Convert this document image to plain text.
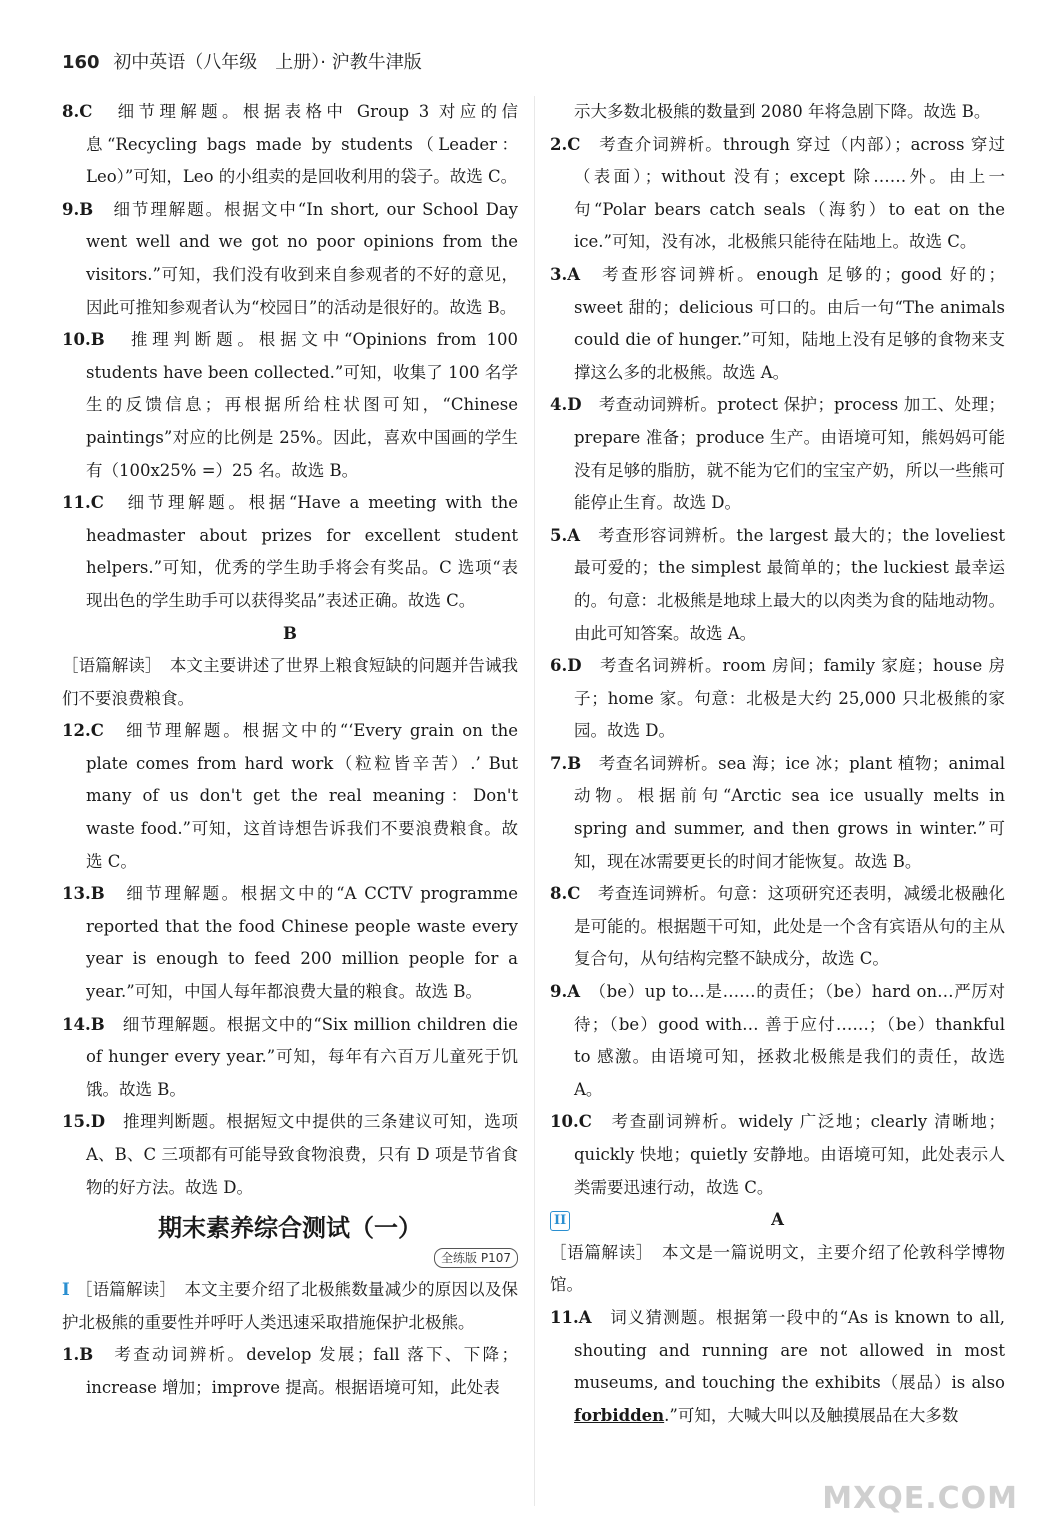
160 初中英语（八年级　上册）· 沪教牛津版

8.C　 细节理解题。根据表格中 Group 3 对应的信息“Recycling bags made by students（Leader：Leo）”可知，Leo 的小组卖的是回收利用的袋子。故选 C。

9.B　 细节理解题。根据文中“In short, our School Day went well and we got no poor opinions from the visitors.”可知，我们没有收到来自参观者的不好的意见，因此可推知参观者认为“校园日”的活动是很好的。故选 B。

10.B　 推理判断题。根据文中“Opinions from 100 students have been collected.”可知，收集了 100 名学生的反馈信息；再根据所给柱状图可知，“Chinese paintings”对应的比例是 25%。因此，喜欢中国画的学生有（100x25% =）25 名。故选 B。

11.C　 细节理解题。根据“Have a meeting with the headmaster about prizes for excellent student helpers.”可知，优秀的学生助手将会有奖品。C 选项“表现出色的学生助手可以获得奖品”表述正确。故选 C。

B

［语篇解读］　本文主要讲述了世界上粮食短缺的问题并告诫我们不要浪费粮食。

12.C　 细节理解题。根据文中的“‘Every grain on the plate comes from hard work（粒粒皆辛苦）.’ But many of us don't get the real meaning：Don't waste food.”可知，这首诗想告诉我们不要浪费粮食。故选 C。

13.B　 细节理解题。根据文中的“A CCTV programme reported that the food Chinese people waste every year is enough to feed 200 million people for a year.”可知，中国人每年都浪费大量的粮食。故选 B。

14.B　 细节理解题。根据文中的“Six million children die of hunger every year.”可知，每年有六百万儿童死于饥饿。故选 B。

15.D　 推理判断题。根据短文中提供的三条建议可知，选项 A、B、C 三项都有可能导致食物浪费，只有 D 项是节省食物的好方法。故选 D。

期末素养综合测试（一）

全练版 P107

I ［语篇解读］　本文主要介绍了北极熊数量减少的原因以及保护北极熊的重要性并呼吁人类迅速采取措施保护北极熊。

1.B　 考查动词辨析。develop 发展；fall 落下、下降；increase 增加；improve 提高。根据语境可知，此处表

示大多数北极熊的数量到 2080 年将急剧下降。故选 B。

2.C　 考查介词辨析。through 穿过（内部）；across 穿过（表面）；without 没有；except 除……外。由上一句“Polar bears catch seals（海豹）to eat on the ice.”可知，没有冰，北极熊只能待在陆地上。故选 C。

3.A　 考查形容词辨析。enough 足够的；good 好的；sweet 甜的；delicious 可口的。由后一句“The animals could die of hunger.”可知，陆地上没有足够的食物来支撑这么多的北极熊。故选 A。

4.D　 考查动词辨析。protect 保护；process 加工、处理；prepare 准备；produce 生产。由语境可知，熊妈妈可能没有足够的脂肪，就不能为它们的宝宝产奶，所以一些熊可能停止生育。故选 D。

5.A　 考查形容词辨析。the largest 最大的；the loveliest 最可爱的；the simplest 最简单的；the luckiest 最幸运的。句意：北极熊是地球上最大的以肉类为食的陆地动物。由此可知答案。故选 A。

6.D　 考查名词辨析。room 房间；family 家庭；house 房子；home 家。句意：北极是大约 25,000 只北极熊的家园。故选 D。

7.B　 考查名词辨析。sea 海；ice 冰；plant 植物；animal 动物。根据前句“Arctic sea ice usually melts in spring and summer, and then grows in winter.”可知，现在冰需要更长的时间才能恢复。故选 B。

8.C　 考查连词辨析。句意：这项研究还表明，减缓北极融化是可能的。根据题干可知，此处是一个含有宾语从句的主从复合句，从句结构完整不缺成分，故选 C。

9.A　 （be）up to…是……的责任；（be）hard on…严厉对待；（be）good with… 善于应付……；（be）thankful to 感激。由语境可知，拯救北极熊是我们的责任，故选 A。

10.C　 考查副词辨析。widely 广泛地；clearly 清晰地；quickly 快地；quietly 安静地。由语境可知，此处表示人类需要迅速行动，故选 C。

II	A

［语篇解读］　本文是一篇说明文，主要介绍了伦敦科学博物馆。

11.A　 词义猜测题。根据第一段中的“As is known to all, shouting and running are not allowed in most museums, and touching the exhibits（展品）is also forbidden.”可知，大喊大叫以及触摸展品在大多数

MXQE.COM
